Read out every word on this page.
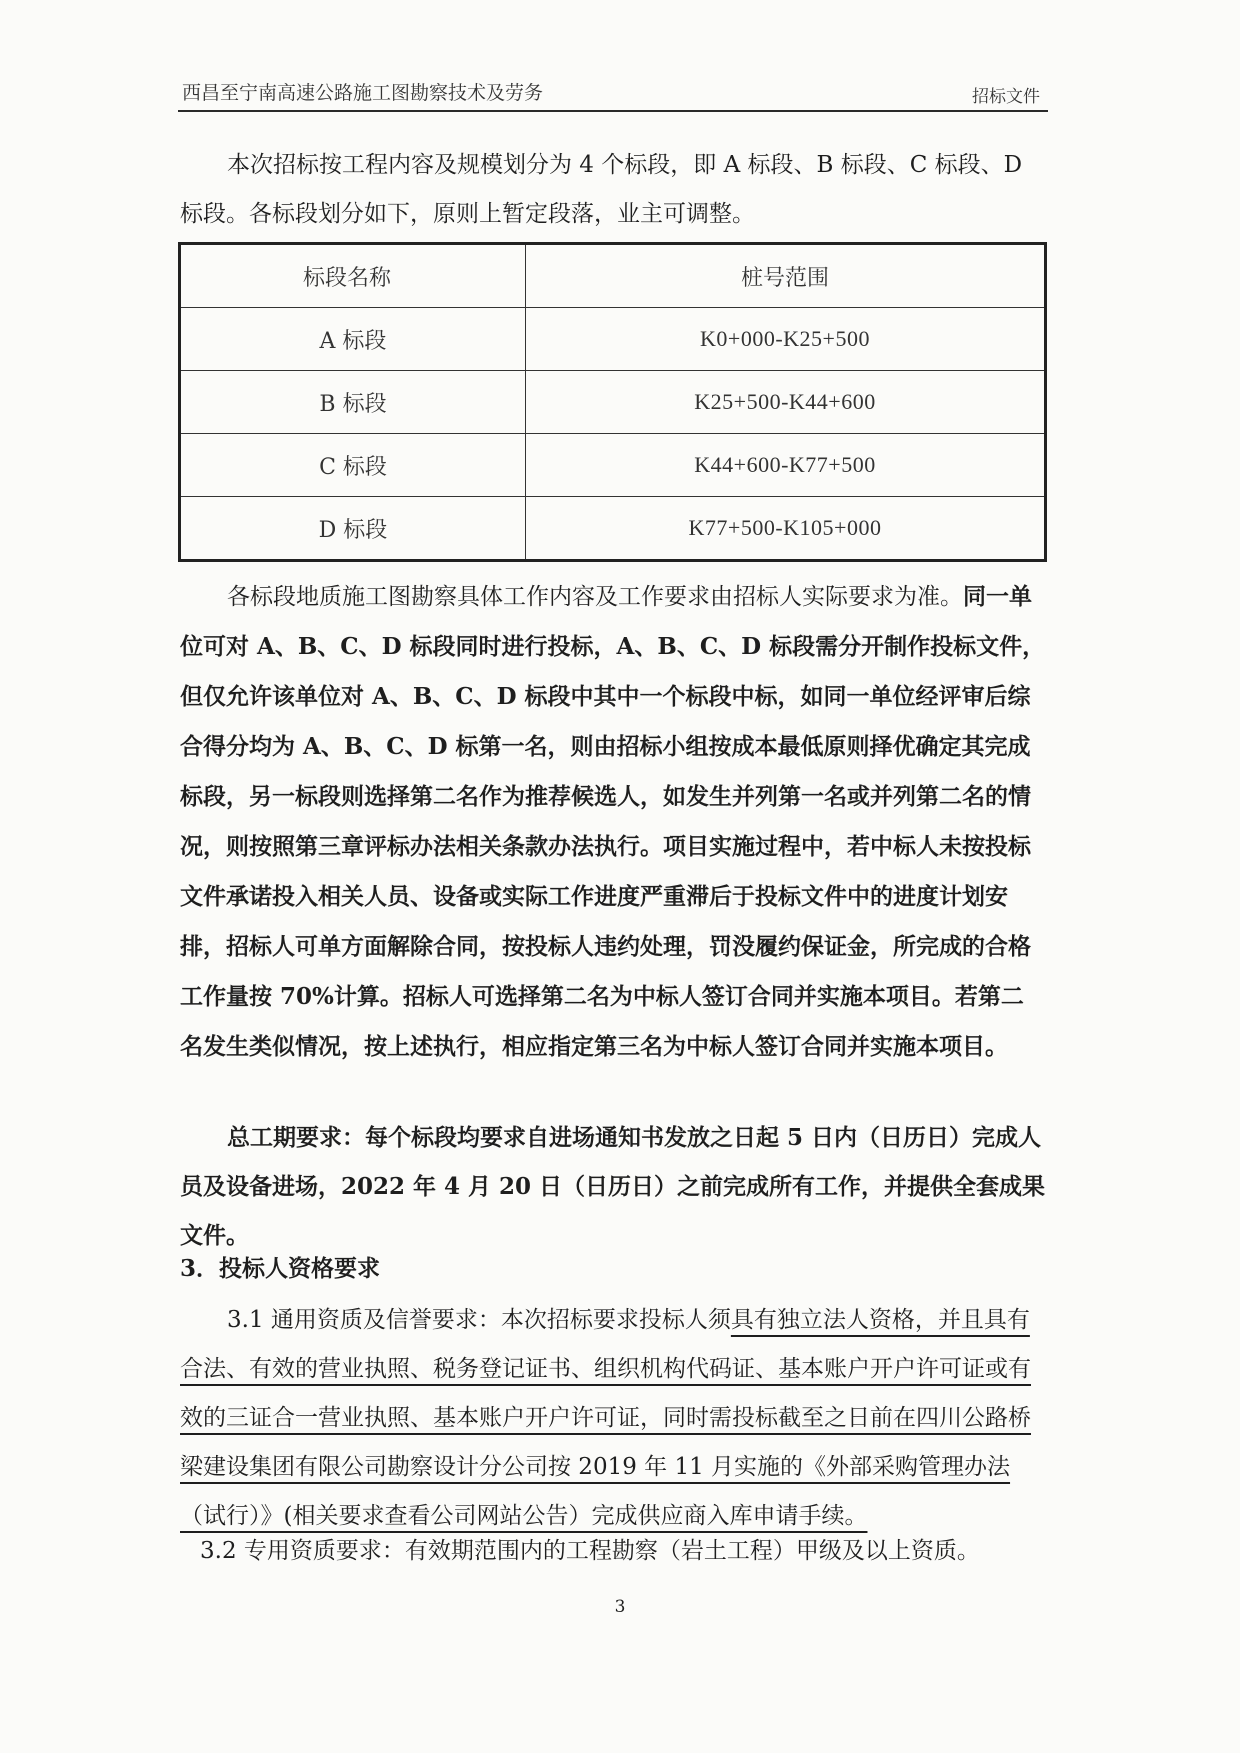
西昌至宁南高速公路施工图勘察技术及劳务	招标文件
本次招标按工程内容及规模划分为 4 个标段，即 A 标段、B 标段、C 标段、D 标段。各标段划分如下，原则上暂定段落，业主可调整。
标段名称	桩号范围
A 标段	K0+000-K25+500
B 标段	K25+500-K44+600
C 标段	K44+600-K77+500
D 标段	K77+500-K105+000
各标段地质施工图勘察具体工作内容及工作要求由招标人实际要求为准。同一单位可对 A、B、C、D 标段同时进行投标，A、B、C、D 标段需分开制作投标文件，但仅允许该单位对 A、B、C、D 标段中其中一个标段中标，如同一单位经评审后综合得分均为 A、B、C、D 标第一名，则由招标小组按成本最低原则择优确定其完成标段，另一标段则选择第二名作为推荐候选人，如发生并列第一名或并列第二名的情况，则按照第三章评标办法相关条款办法执行。项目实施过程中，若中标人未按投标文件承诺投入相关人员、设备或实际工作进度严重滞后于投标文件中的进度计划安排，招标人可单方面解除合同，按投标人违约处理，罚没履约保证金，所完成的合格工作量按 70%计算。招标人可选择第二名为中标人签订合同并实施本项目。若第二名发生类似情况，按上述执行，相应指定第三名为中标人签订合同并实施本项目。
总工期要求：每个标段均要求自进场通知书发放之日起 5 日内（日历日）完成人员及设备进场，2022 年 4 月 20 日（日历日）之前完成所有工作，并提供全套成果文件。
3．投标人资格要求
3.1 通用资质及信誉要求：本次招标要求投标人须具有独立法人资格，并且具有合法、有效的营业执照、税务登记证书、组织机构代码证、基本账户开户许可证或有效的三证合一营业执照、基本账户开户许可证，同时需投标截至之日前在四川公路桥梁建设集团有限公司勘察设计分公司按 2019 年 11 月实施的《外部采购管理办法（试行）》(相关要求查看公司网站公告）完成供应商入库申请手续。
3.2 专用资质要求：有效期范围内的工程勘察（岩土工程）甲级及以上资质。
3
